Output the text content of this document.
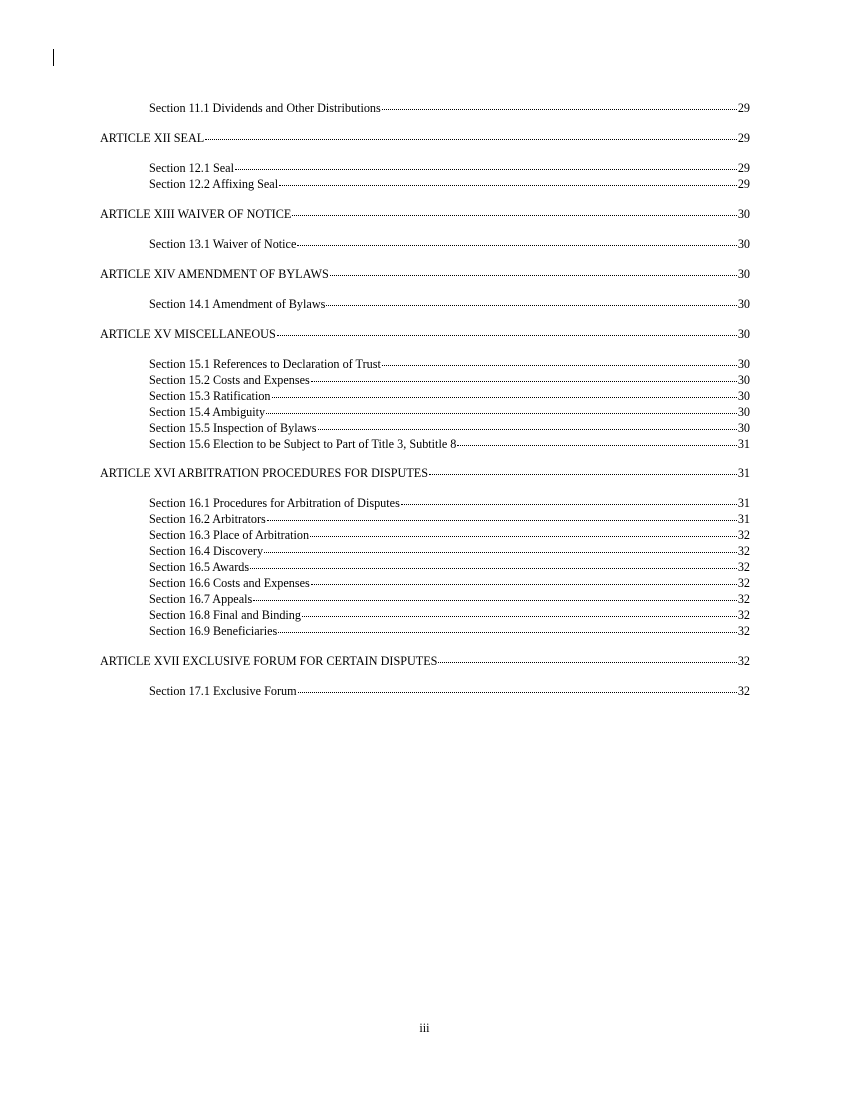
Section 11.1 Dividends and Other Distributions	29
ARTICLE XII SEAL	29
Section 12.1 Seal	29
Section 12.2 Affixing Seal	29
ARTICLE XIII WAIVER OF NOTICE	30
Section 13.1 Waiver of Notice	30
ARTICLE XIV AMENDMENT OF BYLAWS	30
Section 14.1 Amendment of Bylaws	30
ARTICLE XV MISCELLANEOUS	30
Section 15.1 References to Declaration of Trust	30
Section 15.2 Costs and Expenses	30
Section 15.3 Ratification	30
Section 15.4 Ambiguity	30
Section 15.5 Inspection of Bylaws	30
Section 15.6 Election to be Subject to Part of Title 3, Subtitle 8	31
ARTICLE XVI ARBITRATION PROCEDURES FOR DISPUTES	31
Section 16.1 Procedures for Arbitration of Disputes	31
Section 16.2 Arbitrators	31
Section 16.3 Place of Arbitration	32
Section 16.4 Discovery	32
Section 16.5 Awards	32
Section 16.6 Costs and Expenses	32
Section 16.7 Appeals	32
Section 16.8 Final and Binding	32
Section 16.9 Beneficiaries	32
ARTICLE XVII EXCLUSIVE FORUM FOR CERTAIN DISPUTES	32
Section 17.1 Exclusive Forum	32
iii
